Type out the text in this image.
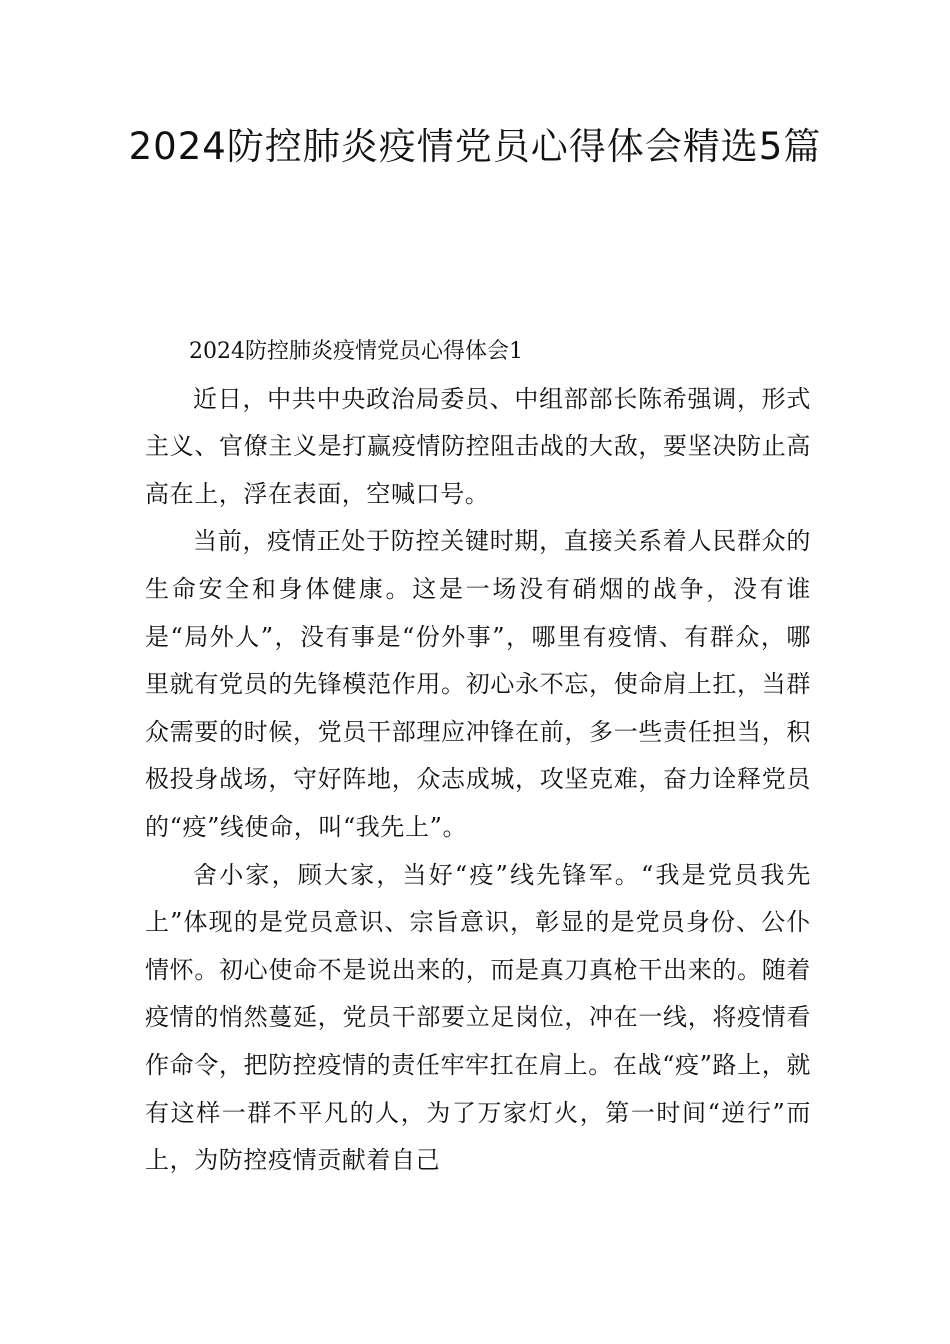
2024防控肺炎疫情党员心得体会精选5篇

2024防控肺炎疫情党员心得体会1

近日，中共中央政治局委员、中组部部长陈希强调，形式主义、官僚主义是打赢疫情防控阻击战的大敌，要坚决防止高高在上，浮在表面，空喊口号。

当前，疫情正处于防控关键时期，直接关系着人民群众的生命安全和身体健康。这是一场没有硝烟的战争，没有谁是“局外人”，没有事是“份外事”，哪里有疫情、有群众，哪里就有党员的先锋模范作用。初心永不忘，使命肩上扛，当群众需要的时候，党员干部理应冲锋在前，多一些责任担当，积极投身战场，守好阵地，众志成城，攻坚克难，奋力诠释党员的“疫”线使命，叫“我先上”。

舍小家，顾大家，当好“疫”线先锋军。“我是党员我先上”体现的是党员意识、宗旨意识，彰显的是党员身份、公仆情怀。初心使命不是说出来的，而是真刀真枪干出来的。随着疫情的悄然蔓延，党员干部要立足岗位，冲在一线，将疫情看作命令，把防控疫情的责任牢牢扛在肩上。在战“疫”路上，就有这样一群不平凡的人，为了万家灯火，第一时间“逆行”而上，为防控疫情贡献着自己
